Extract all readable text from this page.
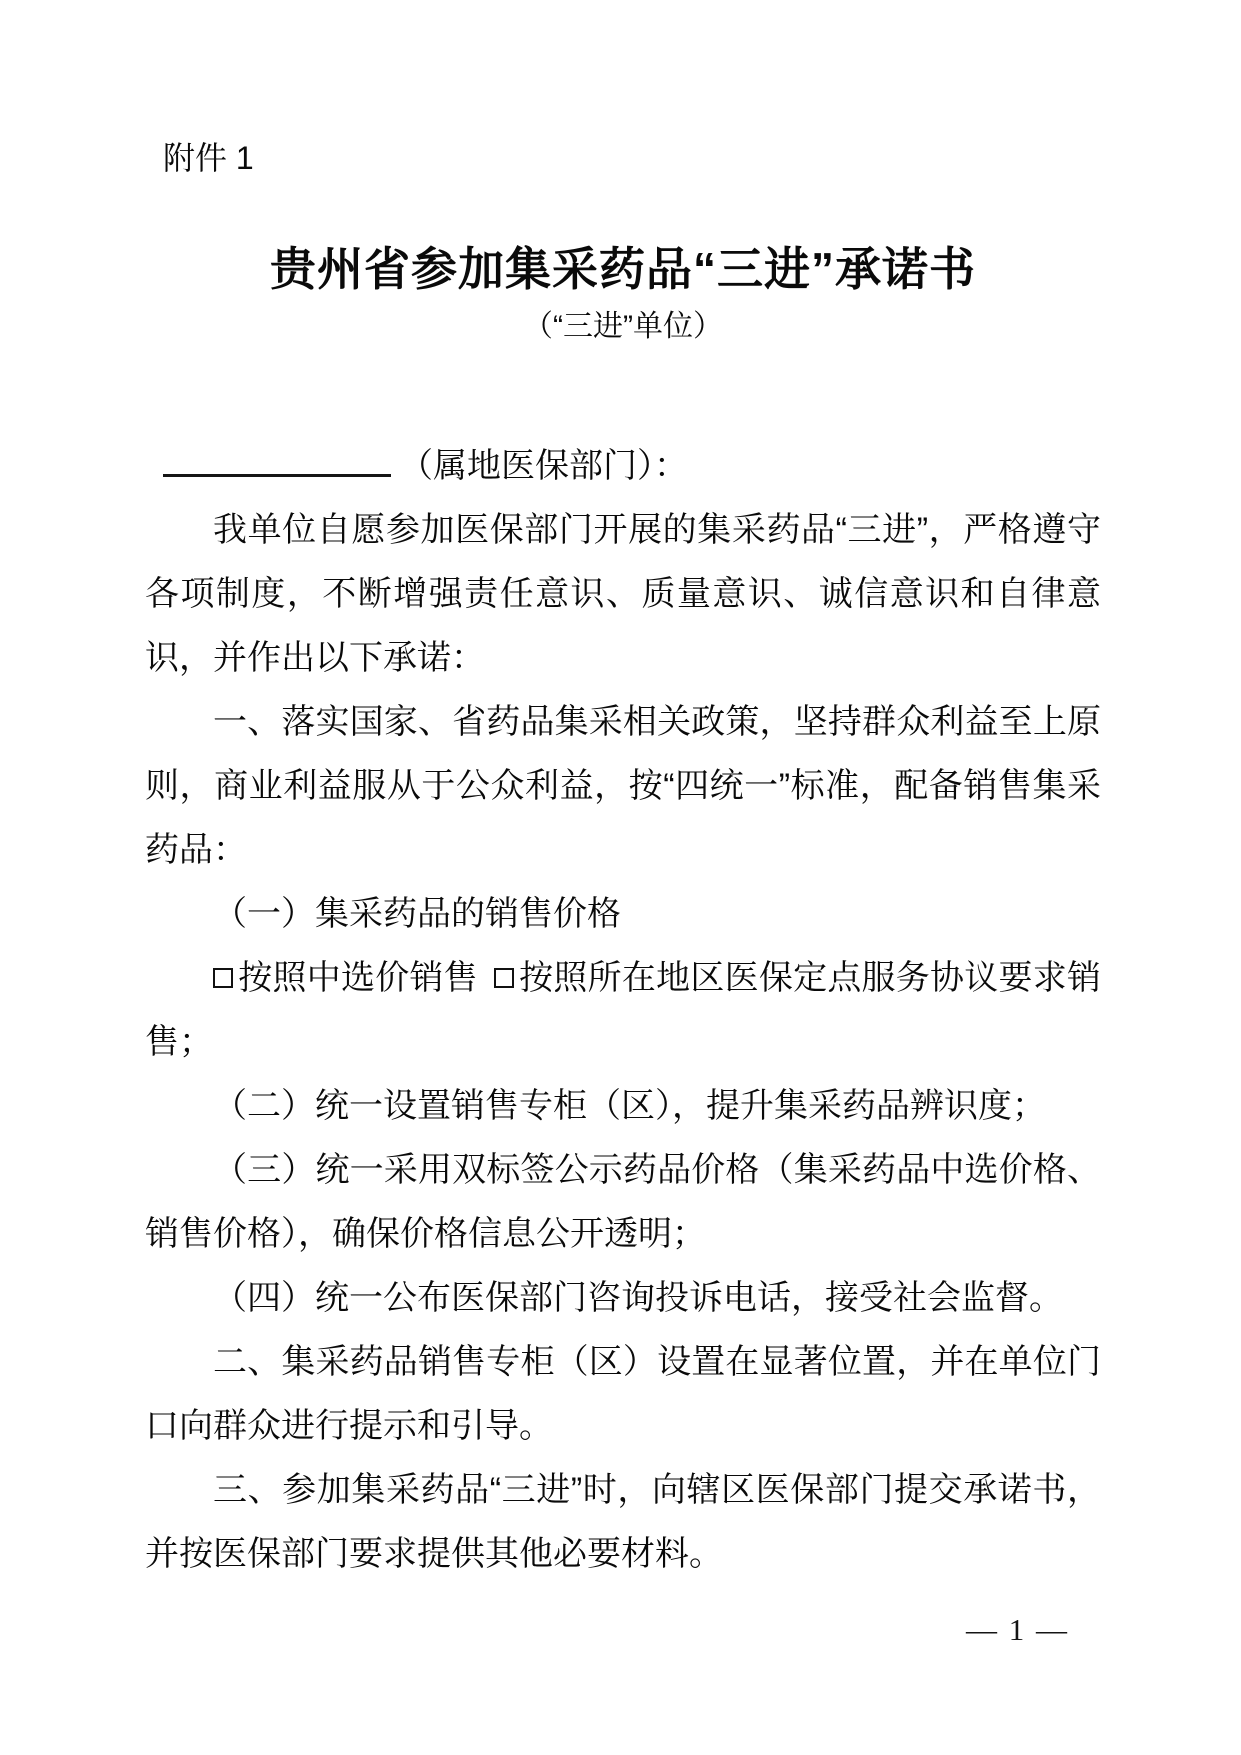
附件 1
贵州省参加集采药品“三进”承诺书
（“三进”单位）
（属地医保部门）：

我单位自愿参加医保部门开展的集采药品“三进”，严格遵守各项制度，不断增强责任意识、质量意识、诚信意识和自律意识，并作出以下承诺：

一、落实国家、省药品集采相关政策，坚持群众利益至上原则，商业利益服从于公众利益，按“四统一”标准，配备销售集采药品：

（一）集采药品的销售价格

按照中选价销售 按照所在地区医保定点服务协议要求销售；

（二）统一设置销售专柜（区），提升集采药品辨识度；

（三）统一采用双标签公示药品价格（集采药品中选价格、销售价格），确保价格信息公开透明；

（四）统一公布医保部门咨询投诉电话，接受社会监督。

二、集采药品销售专柜（区）设置在显著位置，并在单位门口向群众进行提示和引导。

三、参加集采药品“三进”时，向辖区医保部门提交承诺书，并按医保部门要求提供其他必要材料。

— 1 —
